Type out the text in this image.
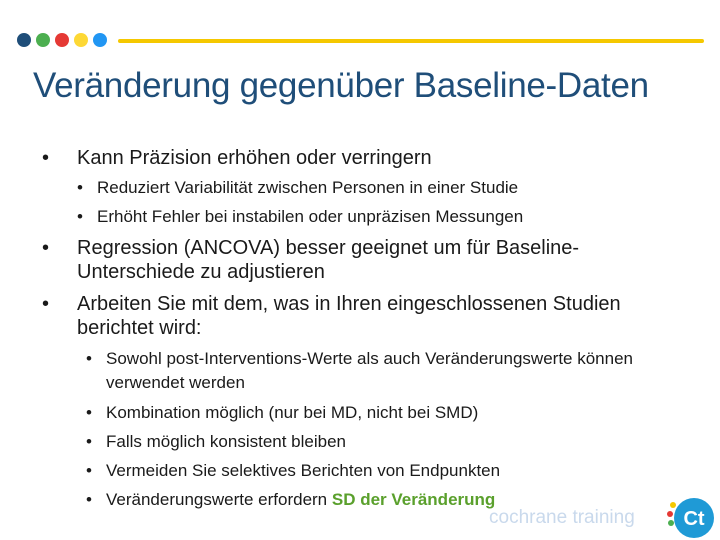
Veränderung gegenüber Baseline-Daten
•	Kann Präzision erhöhen oder verringern
• Reduziert Variabilität zwischen Personen in einer Studie
• Erhöht Fehler bei instabilen oder unpräzisen Messungen
•	Regression (ANCOVA) besser geeignet um für Baseline-Unterschiede zu adjustieren
•	Arbeiten Sie mit dem, was in Ihren eingeschlossenen Studien berichtet wird:
• Sowohl post-Interventions-Werte als auch Veränderungswerte können verwendet werden
• Kombination möglich (nur bei MD, nicht bei SMD)
• Falls möglich konsistent bleiben
• Vermeiden Sie selektives Berichten von Endpunkten
• Veränderungswerte erfordern SD der Veränderung
cochrane training Ct
